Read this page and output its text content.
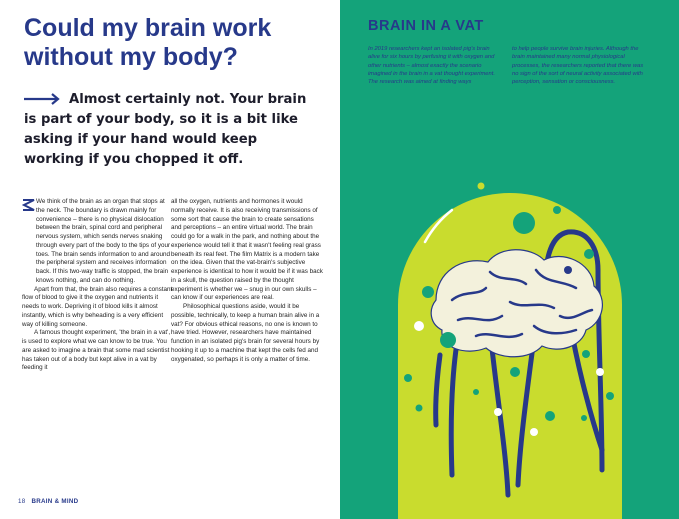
Could my brain work without my body?
Almost certainly not. Your brain is part of your body, so it is a bit like asking if your hand would keep working if you chopped it off.

We think of the brain as an organ that stops at the neck. The boundary is drawn mainly for convenience – there is no physical dislocation between the brain, spinal cord and peripheral nervous system, which sends nerves snaking through every part of the body to the tips of your toes. The brain sends information to and around the peripheral system and receives information back. If this two-way traffic is stopped, the brain knows nothing, and can do nothing.

Apart from that, the brain also requires a constant flow of blood to give it the oxygen and nutrients it needs to work. Depriving it of blood kills it almost instantly, which is why beheading is a very efficient way of killing someone.

A famous thought experiment, 'the brain in a vat', is used to explore what we can know to be true. You are asked to imagine a brain that some mad scientist has taken out of a body but kept alive in a vat by feeding it

all the oxygen, nutrients and hormones it would normally receive. It is also receiving transmissions of some sort that cause the brain to create sensations and perceptions – an entire virtual world. The brain could go for a walk in the park, and nothing about the experience would tell it that it wasn't feeling real grass beneath its real feet. The film Matrix is a modern take on the idea. Given that the vat-brain's subjective experience is identical to how it would be if it was back in a skull, the question raised by the thought experiment is whether we – snug in our own skulls – can know if our experiences are real.

Philosophical questions aside, would it be possible, technically, to keep a human brain alive in a vat? For obvious ethical reasons, no one is known to have tried. However, researchers have maintained function in an isolated pig's brain for several hours by hooking it up to a machine that kept the cells fed and oxygenated, so perhaps it is only a matter of time.

18 BRAIN & MIND
BRAIN IN A VAT

In 2019 researchers kept an isolated pig's brain alive for six hours by perfusing it with oxygen and other nutrients – almost exactly the scenario imagined in the brain in a vat thought experiment. The research was aimed at finding ways

to help people survive brain injuries. Although the brain maintained many normal physiological processes, the researchers reported that there was no sign of the sort of neural activity associated with perception, sensation or consciousness.
